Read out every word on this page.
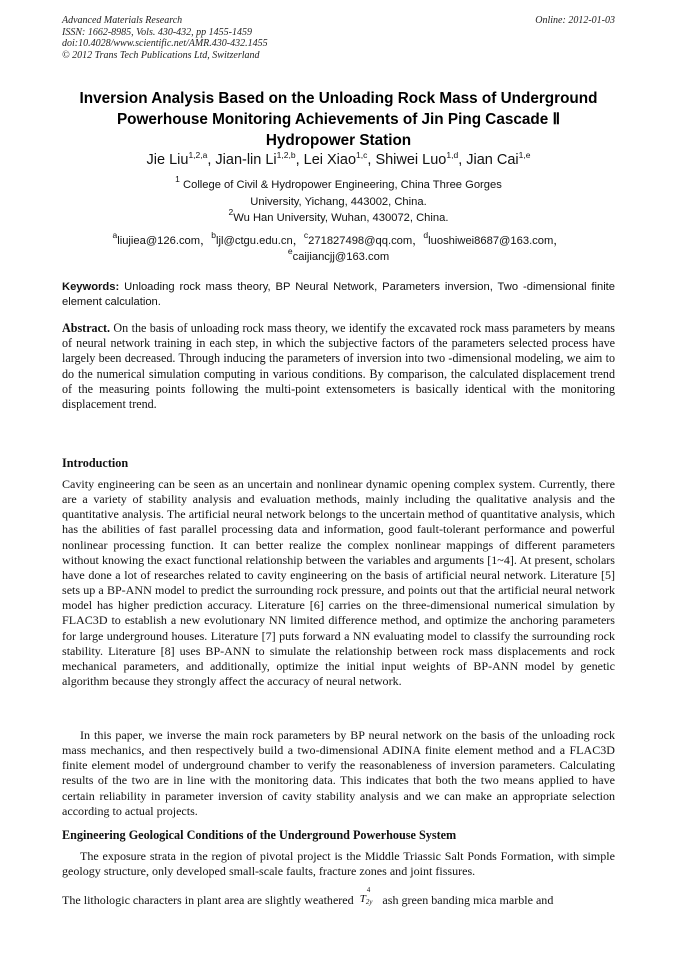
Advanced Materials Research
ISSN: 1662-8985, Vols. 430-432, pp 1455-1459
doi:10.4028/www.scientific.net/AMR.430-432.1455
© 2012 Trans Tech Publications Ltd, Switzerland
Online: 2012-01-03
Inversion Analysis Based on the Unloading Rock Mass of Underground
Powerhouse Monitoring Achievements of Jin Ping Cascade Ⅱ
Hydropower Station
Jie Liu$^{1,2,a}$, Jian-lin Li$^{1,2,b}$, Lei Xiao$^{1,c}$, Shiwei Luo$^{1,d}$, Jian Cai$^{1,e}$
$^1$ College of Civil & Hydropower Engineering, China Three Gorges
University, Yichang, 443002, China.
$^2$Wu Han University, Wuhan, 430072, China.
$^a$liujiea@126.com，$^b$ljl@ctgu.edu.cn，$^c$271827498@qq.com，$^d$luoshiwei8687@163.com，
$^e$caijiancjj@163.com
Keywords: Unloading rock mass theory, BP Neural Network, Parameters inversion, Two -dimensional finite element calculation.
Abstract. On the basis of unloading rock mass theory, we identify the excavated rock mass parameters by means of neural network training in each step, in which the subjective factors of the parameters selected process have largely been decreased. Through inducing the parameters of inversion into two -dimensional modeling, we aim to do the numerical simulation computing in various conditions. By comparison, the calculated displacement trend of the measuring points following the multi-point extensometers is basically identical with the monitoring displacement trend.
Introduction
Cavity engineering can be seen as an uncertain and nonlinear dynamic opening complex system. Currently, there are a variety of stability analysis and evaluation methods, mainly including the qualitative analysis and the quantitative analysis. The artificial neural network belongs to the uncertain method of quantitative analysis, which has the abilities of fast parallel processing data and information, good fault-tolerant performance and powerful nonlinear processing function. It can better realize the complex nonlinear mappings of different parameters without knowing the exact functional relationship between the variables and arguments [1~4]. At present, scholars have done a lot of researches related to cavity engineering on the basis of artificial neural network. Literature [5] sets up a BP-ANN model to predict the surrounding rock pressure, and points out that the artificial neural network model has higher prediction accuracy. Literature [6] carries on the three-dimensional numerical simulation by FLAC3D to establish a new evolutionary NN limited difference method, and optimize the anchoring parameters for large underground houses. Literature [7] puts forward a NN evaluating model to classify the surrounding rock stability. Literature [8] uses BP-ANN to simulate the relationship between rock mass displacements and rock mechanical parameters, and additionally, optimize the initial input weights of BP-ANN model by genetic algorithm because they strongly affect the accuracy of neural network.
In this paper, we inverse the main rock parameters by BP neural network on the basis of the unloading rock mass mechanics, and then respectively build a two-dimensional ADINA finite element method and a FLAC3D finite element model of underground chamber to verify the reasonableness of inversion parameters. Calculating results of the two are in line with the monitoring data. This indicates that both the two means applied to have certain reliability in parameter inversion of cavity stability analysis and we can make an appropriate selection according to actual projects.
Engineering Geological Conditions of the Underground Powerhouse System
The exposure strata in the region of pivotal project is the Middle Triassic Salt Ponds Formation, with simple geology structure, only developed small-scale faults, fracture zones and joint fissures.
The lithologic characters in plant area are slightly weathered T
4
$_{2y}$ ash green banding mica marble and
